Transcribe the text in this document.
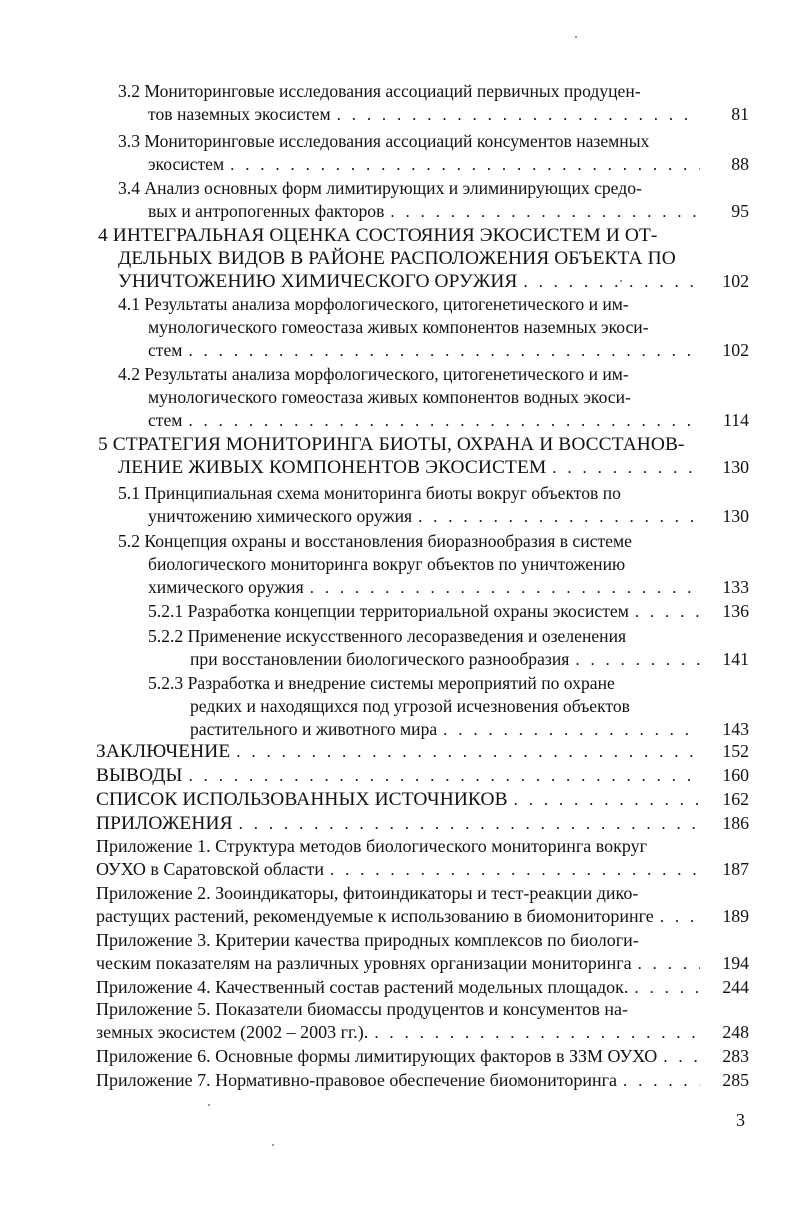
3.2 Мониторинговые исследования ассоциаций первичных продуцен-
тов наземных экосистем . . .	81
3.3 Мониторинговые исследования ассоциаций консументов наземных
экосистем . . .	88
3.4 Анализ основных форм лимитирующих и элиминирующих средо-
вых и антропогенных факторов . . .	95
4 ИНТЕГРАЛЬНАЯ ОЦЕНКА СОСТОЯНИЯ ЭКОСИСТЕМ И ОТ-
ДЕЛЬНЫХ ВИДОВ В РАЙОНЕ РАСПОЛОЖЕНИЯ ОБЪЕКТА ПО
УНИЧТОЖЕНИЮ ХИМИЧЕСКОГО ОРУЖИЯ . . .	102
4.1 Результаты анализа морфологического, цитогенетического и им-
мунологического гомеостаза живых компонентов наземных экоси-
стем . . .	102
4.2 Результаты анализа морфологического, цитогенетического и им-
мунологического гомеостаза живых компонентов водных экоси-
стем . . .	114
5 СТРАТЕГИЯ МОНИТОРИНГА БИОТЫ, ОХРАНА И ВОССТАНОВ-
ЛЕНИЕ ЖИВЫХ КОМПОНЕНТОВ ЭКОСИСТЕМ . . .	130
5.1 Принципиальная схема мониторинга биоты вокруг объектов по
уничтожению химического оружия . . .	130
5.2 Концепция охраны и восстановления биоразнообразия в системе
биологического мониторинга вокруг объектов по уничтожению
химического оружия . . .	133
5.2.1 Разработка концепции территориальной охраны экосистем . . .	136
5.2.2 Применение искусственного лесоразведения и озеленения
при восстановлении биологического разнообразия . . .	141
5.2.3 Разработка и внедрение системы мероприятий по охране
редких и находящихся под угрозой исчезновения объектов
растительного и животного мира . . .	143
ЗАКЛЮЧЕНИЕ . . .	152
ВЫВОДЫ . . .	160
СПИСОК ИСПОЛЬЗОВАННЫХ ИСТОЧНИКОВ . . .	162
ПРИЛОЖЕНИЯ . . .	186
Приложение 1. Структура методов биологического мониторинга вокруг
ОУХО в Саратовской области . . .	187
Приложение 2. Зооиндикаторы, фитоиндикаторы и тест-реакции дико-
растущих растений, рекомендуемые к использованию в биомониторинге . . .	189
Приложение 3. Критерии качества природных комплексов по биологи-
ческим показателям на различных уровнях организации мониторинга . . .	194
Приложение 4. Качественный состав растений модельных площадок. . . .	244
Приложение 5. Показатели биомассы продуцентов и консументов на-
земных экосистем (2002 – 2003 гг.). . . .	248
Приложение 6. Основные формы лимитирующих факторов в ЗЗМ ОУХО . . .	283
Приложение 7. Нормативно-правовое обеспечение биомониторинга . . .	285
3
